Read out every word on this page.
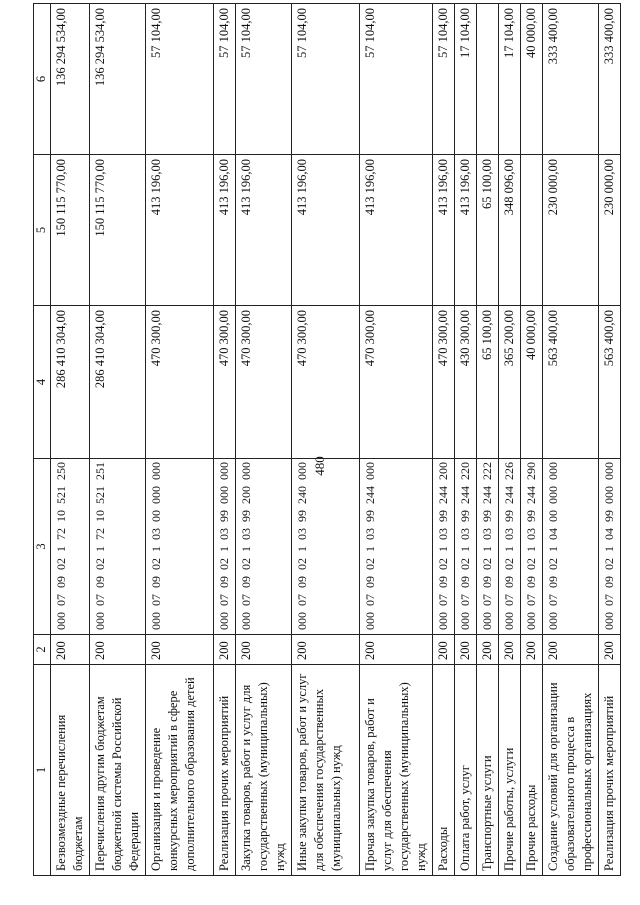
480
1	2	3	4	5	6
Безвозмездные перечисления бюджетам	200	000  07  09  02  1  72  10  521  250	286 410 304,00	150 115 770,00	136 294 534,00
Перечисления другим бюджетам бюджетной системы Российской Федерации	200	000  07  09  02  1  72  10  521  251	286 410 304,00	150 115 770,00	136 294 534,00
Организация и проведение конкурсных мероприятий в сфере дополнительного образования детей	200	000  07  09  02  1  03  00  000  000	470 300,00	413 196,00	57 104,00
Реализация прочих мероприятий	200	000  07  09  02  1  03  99  000  000	470 300,00	413 196,00	57 104,00
Закупка товаров, работ и услуг для государственных (муниципальных) нужд	200	000  07  09  02  1  03  99  200  000	470 300,00	413 196,00	57 104,00
Иные закупки товаров, работ и услуг для обеспечения государственных (муниципальных) нужд	200	000  07  09  02  1  03  99  240  000	470 300,00	413 196,00	57 104,00
Прочая закупка товаров, работ и услуг для обеспечения государственных (муниципальных) нужд	200	000  07  09  02  1  03  99  244  000	470 300,00	413 196,00	57 104,00
Расходы	200	000  07  09  02  1  03  99  244  200	470 300,00	413 196,00	57 104,00
Оплата работ, услуг	200	000  07  09  02  1  03  99  244  220	430 300,00	413 196,00	17 104,00
Транспортные услуги	200	000  07  09  02  1  03  99  244  222	65 100,00	65 100,00	
Прочие работы, услуги	200	000  07  09  02  1  03  99  244  226	365 200,00	348 096,00	17 104,00
Прочие расходы	200	000  07  09  02  1  03  99  244  290	40 000,00		40 000,00
Создание условий для организации образовательного процесса в профессиональных организациях	200	000  07  09  02  1  04  00  000  000	563 400,00	230 000,00	333 400,00
Реализация прочих мероприятий	200	000  07  09  02  1  04  99  000  000	563 400,00	230 000,00	333 400,00
